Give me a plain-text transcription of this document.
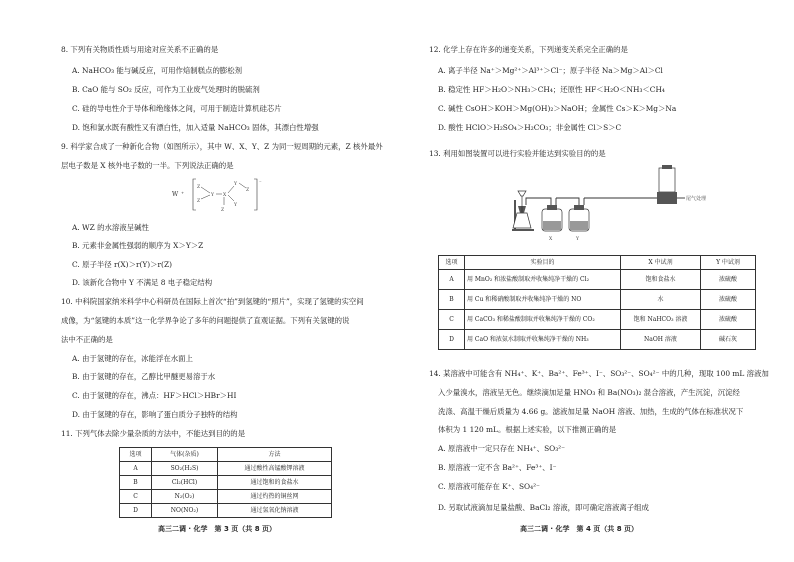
8. 下列有关物质性质与用途对应关系不正确的是
A. NaHCO₃ 能与碱反应，可用作焙制糕点的膨松剂
B. CaO 能与 SO₂ 反应，可作为工业废气处理时的脱硫剂
C. 硅的导电性介于导体和绝缘体之间，可用于制造计算机硅芯片
D. 饱和氯水既有酸性又有漂白性，加入适量 NaHCO₃ 固体，其漂白性增强
9. 科学家合成了一种新化合物（如图所示），其中 W、X、Y、Z 为同一短周期的元素，Z 核外最外
层电子数是 X 核外电子数的一半。下列说法正确的是
W ⁺
⁻
Z
Z
Y X
Y
Y
Z
Z
A. WZ 的水溶液呈碱性
B. 元素非金属性强弱的顺序为 X＞Y＞Z
C. 原子半径 r(X)＞r(Y)＞r(Z)
D. 该新化合物中 Y 不满足 8 电子稳定结构
10. 中科院国家纳米科学中心科研员在国际上首次“拍”到氢键的“照片”，实现了氢键的实空间
成像，为“氢键的本质”这一化学界争论了多年的问题提供了直观证据。下列有关氢键的说
法中不正确的是
A. 由于氢键的存在，冰能浮在水面上
B. 由于氢键的存在，乙醇比甲醚更易溶于水
C. 由于氢键的存在，沸点：HF＞HCl＞HBr＞HI
D. 由于氢键的存在，影响了蛋白质分子独特的结构
11. 下列气体去除少量杂质的方法中，不能达到目的的是
选项	气体(杂质)	方法
A	SO₂(H₂S)	通过酸性高锰酸钾溶液
B	Cl₂(HCl)	通过饱和的食盐水
C	N₂(O₂)	通过灼热的铜丝网
D	NO(NO₂)	通过氢氧化钠溶液
高三二调 · 化学　第 3 页（共 8 页）
12. 化学上存在许多的递变关系，下列递变关系完全正确的是
A. 离子半径 Na⁺＞Mg²⁺＞Al³⁺＞Cl⁻；原子半径 Na＞Mg＞Al＞Cl
B. 稳定性 HF＞H₂O＞NH₃＞CH₄；还原性 HF＜H₂O＜NH₃＜CH₄
C. 碱性 CsOH＞KOH＞Mg(OH)₂＞NaOH；金属性 Cs＞K＞Mg＞Na
D. 酸性 HClO＞H₂SO₄＞H₂CO₃；非金属性 Cl＞S＞C
13. 利用如图装置可以进行实验并能达到实验目的的是
X	Y
尾气处理
选项	实验目的	X 中试剂	Y 中试剂
A	用 MnO₂ 和浓盐酸制取并收集纯净干燥的 Cl₂	饱和食盐水	浓硫酸
B	用 Cu 和稀硝酸制取并收集纯净干燥的 NO	水	浓硫酸
C	用 CaCO₃ 和稀盐酸制取并收集纯净干燥的 CO₂	饱和 NaHCO₃ 溶液	浓硫酸
D	用 CaO 和浓氨水制取并收集纯净干燥的 NH₃	NaOH 溶液	碱石灰
14. 某溶液中可能含有 NH₄⁺、K⁺、Ba²⁺、Fe³⁺、I⁻、SO₃²⁻、SO₄²⁻ 中的几种，现取 100 mL 溶液加
入少量溴水，溶液呈无色。继续滴加足量 HNO₃ 和 Ba(NO₃)₂ 混合溶液，产生沉淀，沉淀经
洗涤、高温干燥后质量为 4.66 g。滤液加足量 NaOH 溶液、加热，生成的气体在标准状况下
体积为 1 120 mL。根据上述实验，以下推测正确的是
A. 原溶液中一定只存在 NH₄⁺、SO₃²⁻
B. 原溶液一定不含 Ba²⁺、Fe³⁺、I⁻
C. 原溶液可能存在 K⁺、SO₄²⁻
D. 另取试液滴加足量盐酸、BaCl₂ 溶液，即可确定溶液离子组成
高三二调 · 化学　第 4 页（共 8 页）
